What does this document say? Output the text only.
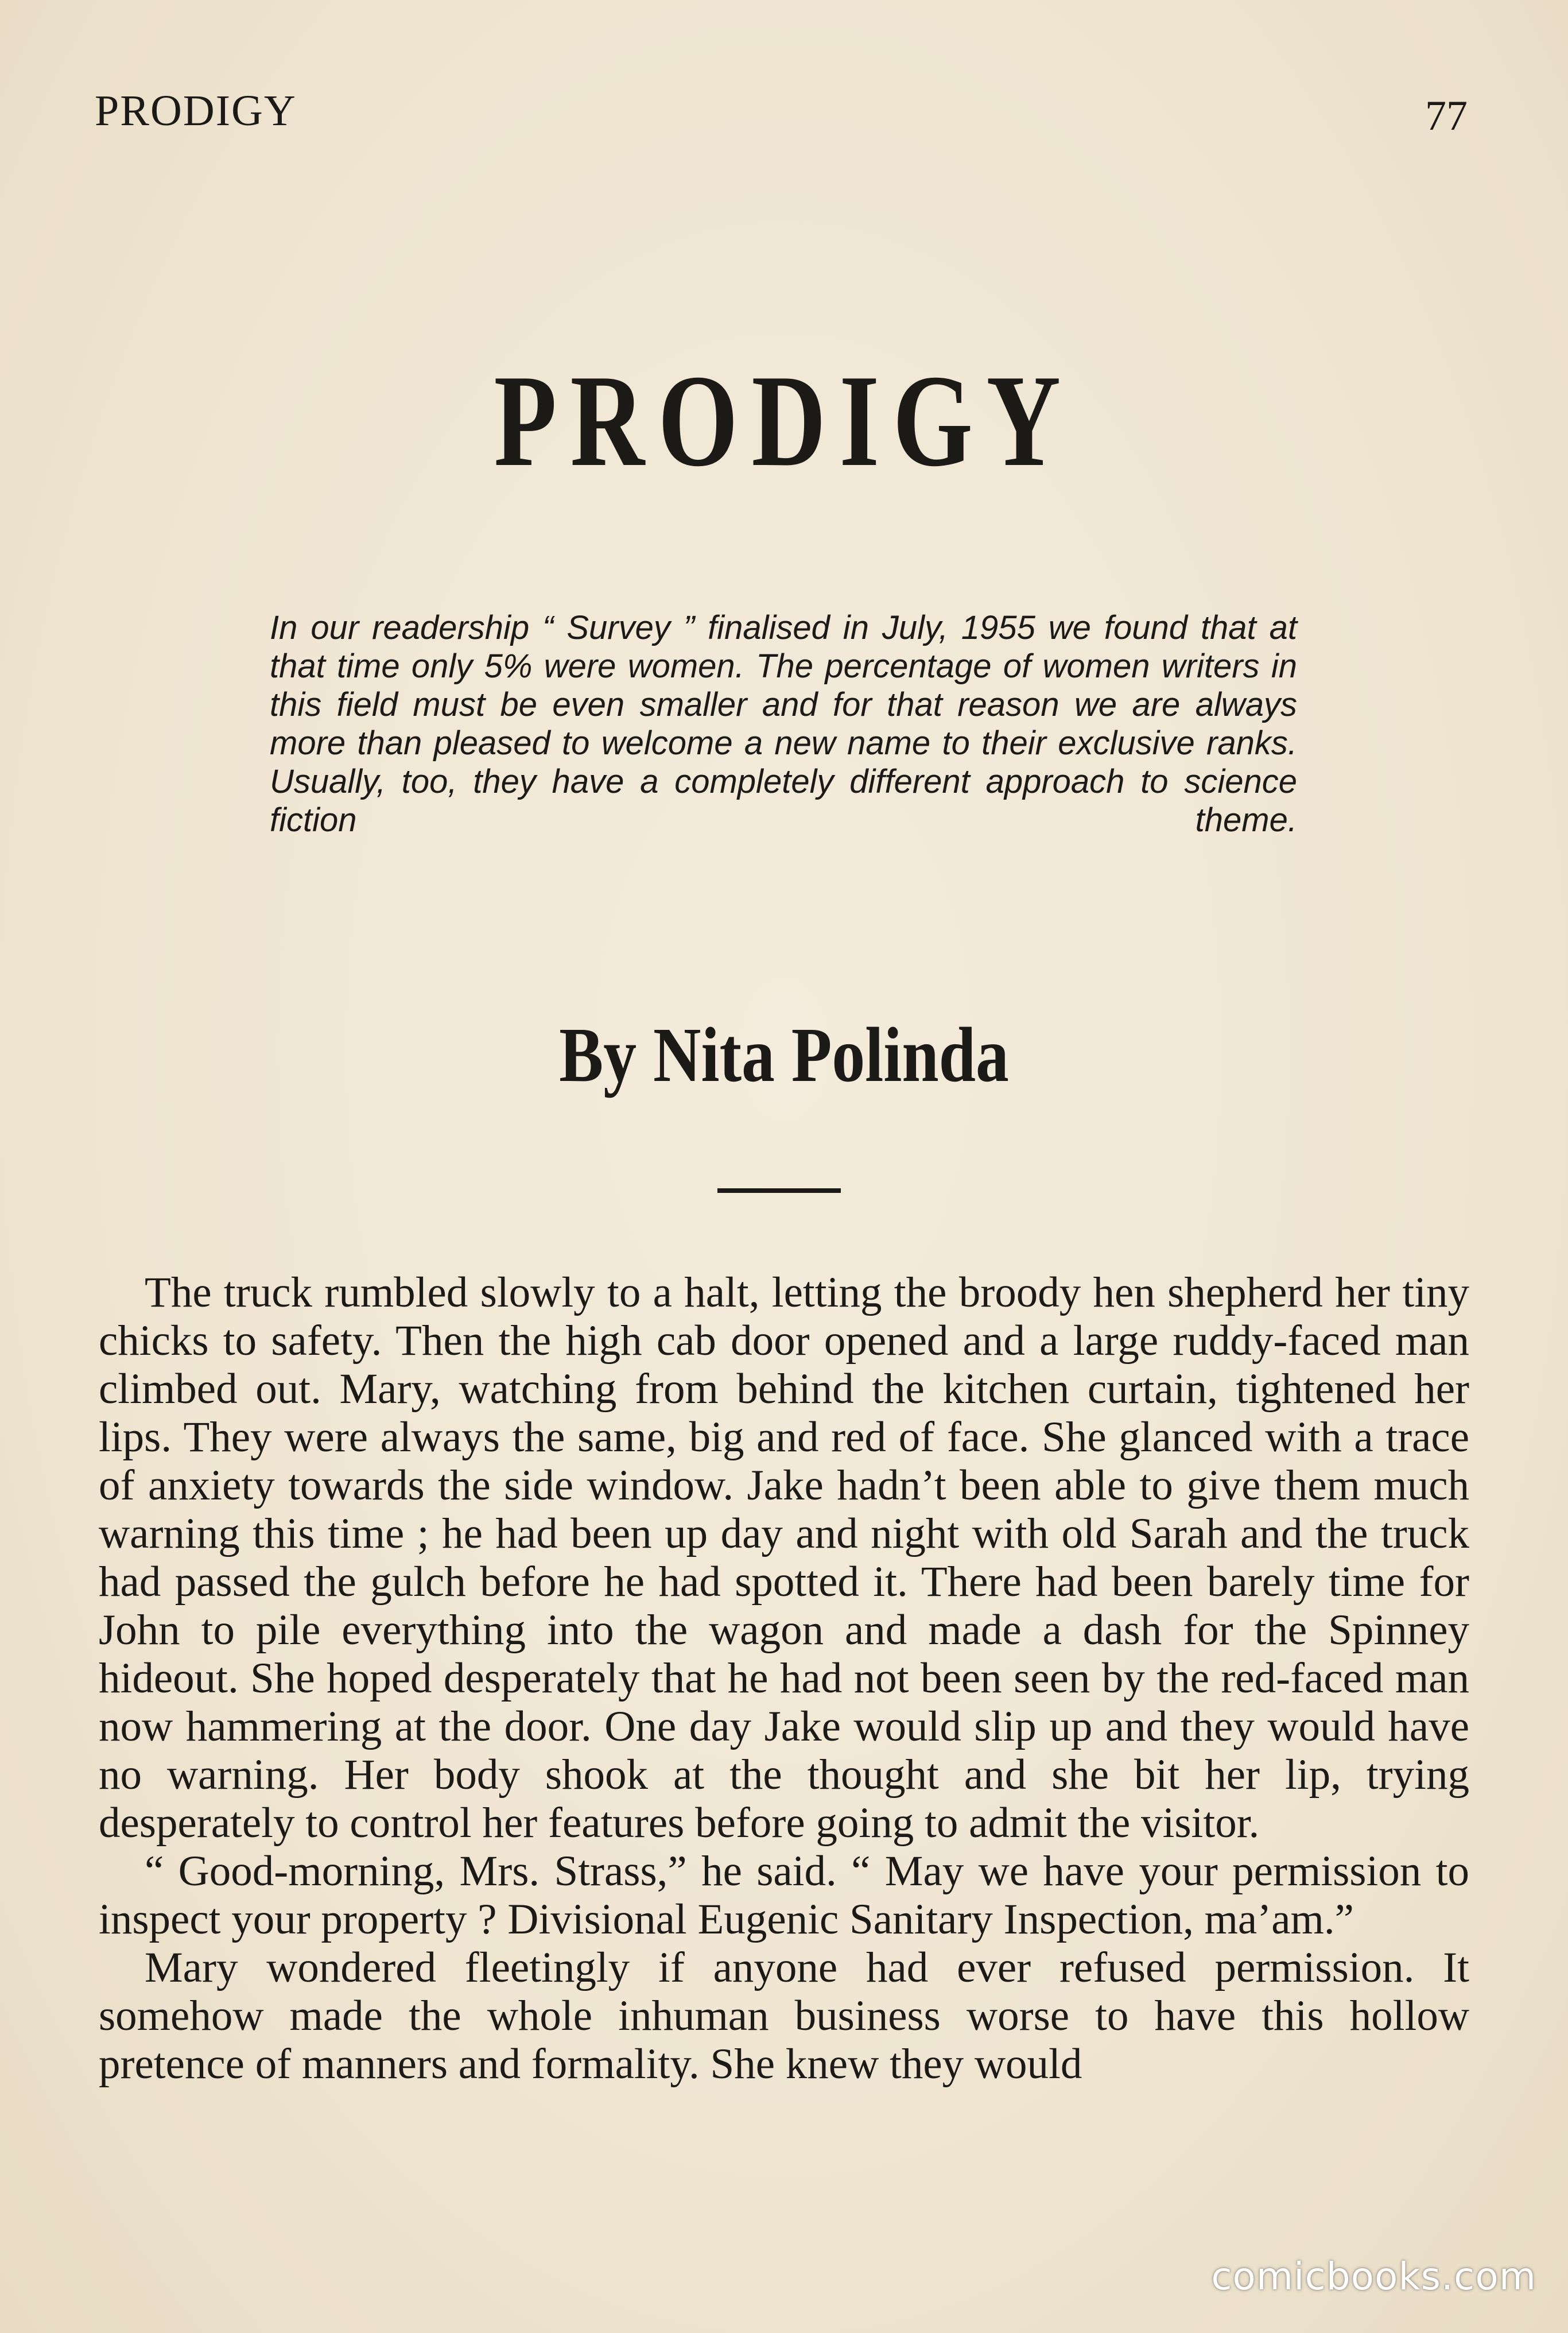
PRODIGY	77
PRODIGY
In our readership “ Survey ” finalised in July, 1955 we found that at that time only 5% were women. The percentage of women writers in this field must be even smaller and for that reason we are always more than pleased to welcome a new name to their exclusive ranks. Usually, too, they have a completely different approach to science fiction theme.
By Nita Polinda

The truck rumbled slowly to a halt, letting the broody hen shepherd her tiny chicks to safety. Then the high cab door opened and a large ruddy-faced man climbed out. Mary, watching from behind the kitchen curtain, tightened her lips. They were always the same, big and red of face. She glanced with a trace of anxiety towards the side window. Jake hadn’t been able to give them much warning this time ; he had been up day and night with old Sarah and the truck had passed the gulch before he had spotted it. There had been barely time for John to pile everything into the wagon and made a dash for the Spinney hideout. She hoped desperately that he had not been seen by the red-faced man now hammering at the door. One day Jake would slip up and they would have no warning. Her body shook at the thought and she bit her lip, trying desperately to control her features before going to admit the visitor.

“ Good-morning, Mrs. Strass,” he said. “ May we have your permission to inspect your property ? Divisional Eugenic Sanitary Inspection, ma’am.”

Mary wondered fleetingly if anyone had ever refused permission. It somehow made the whole inhuman business worse to have this hollow pretence of manners and formality. She knew they would

comicbooks.com
